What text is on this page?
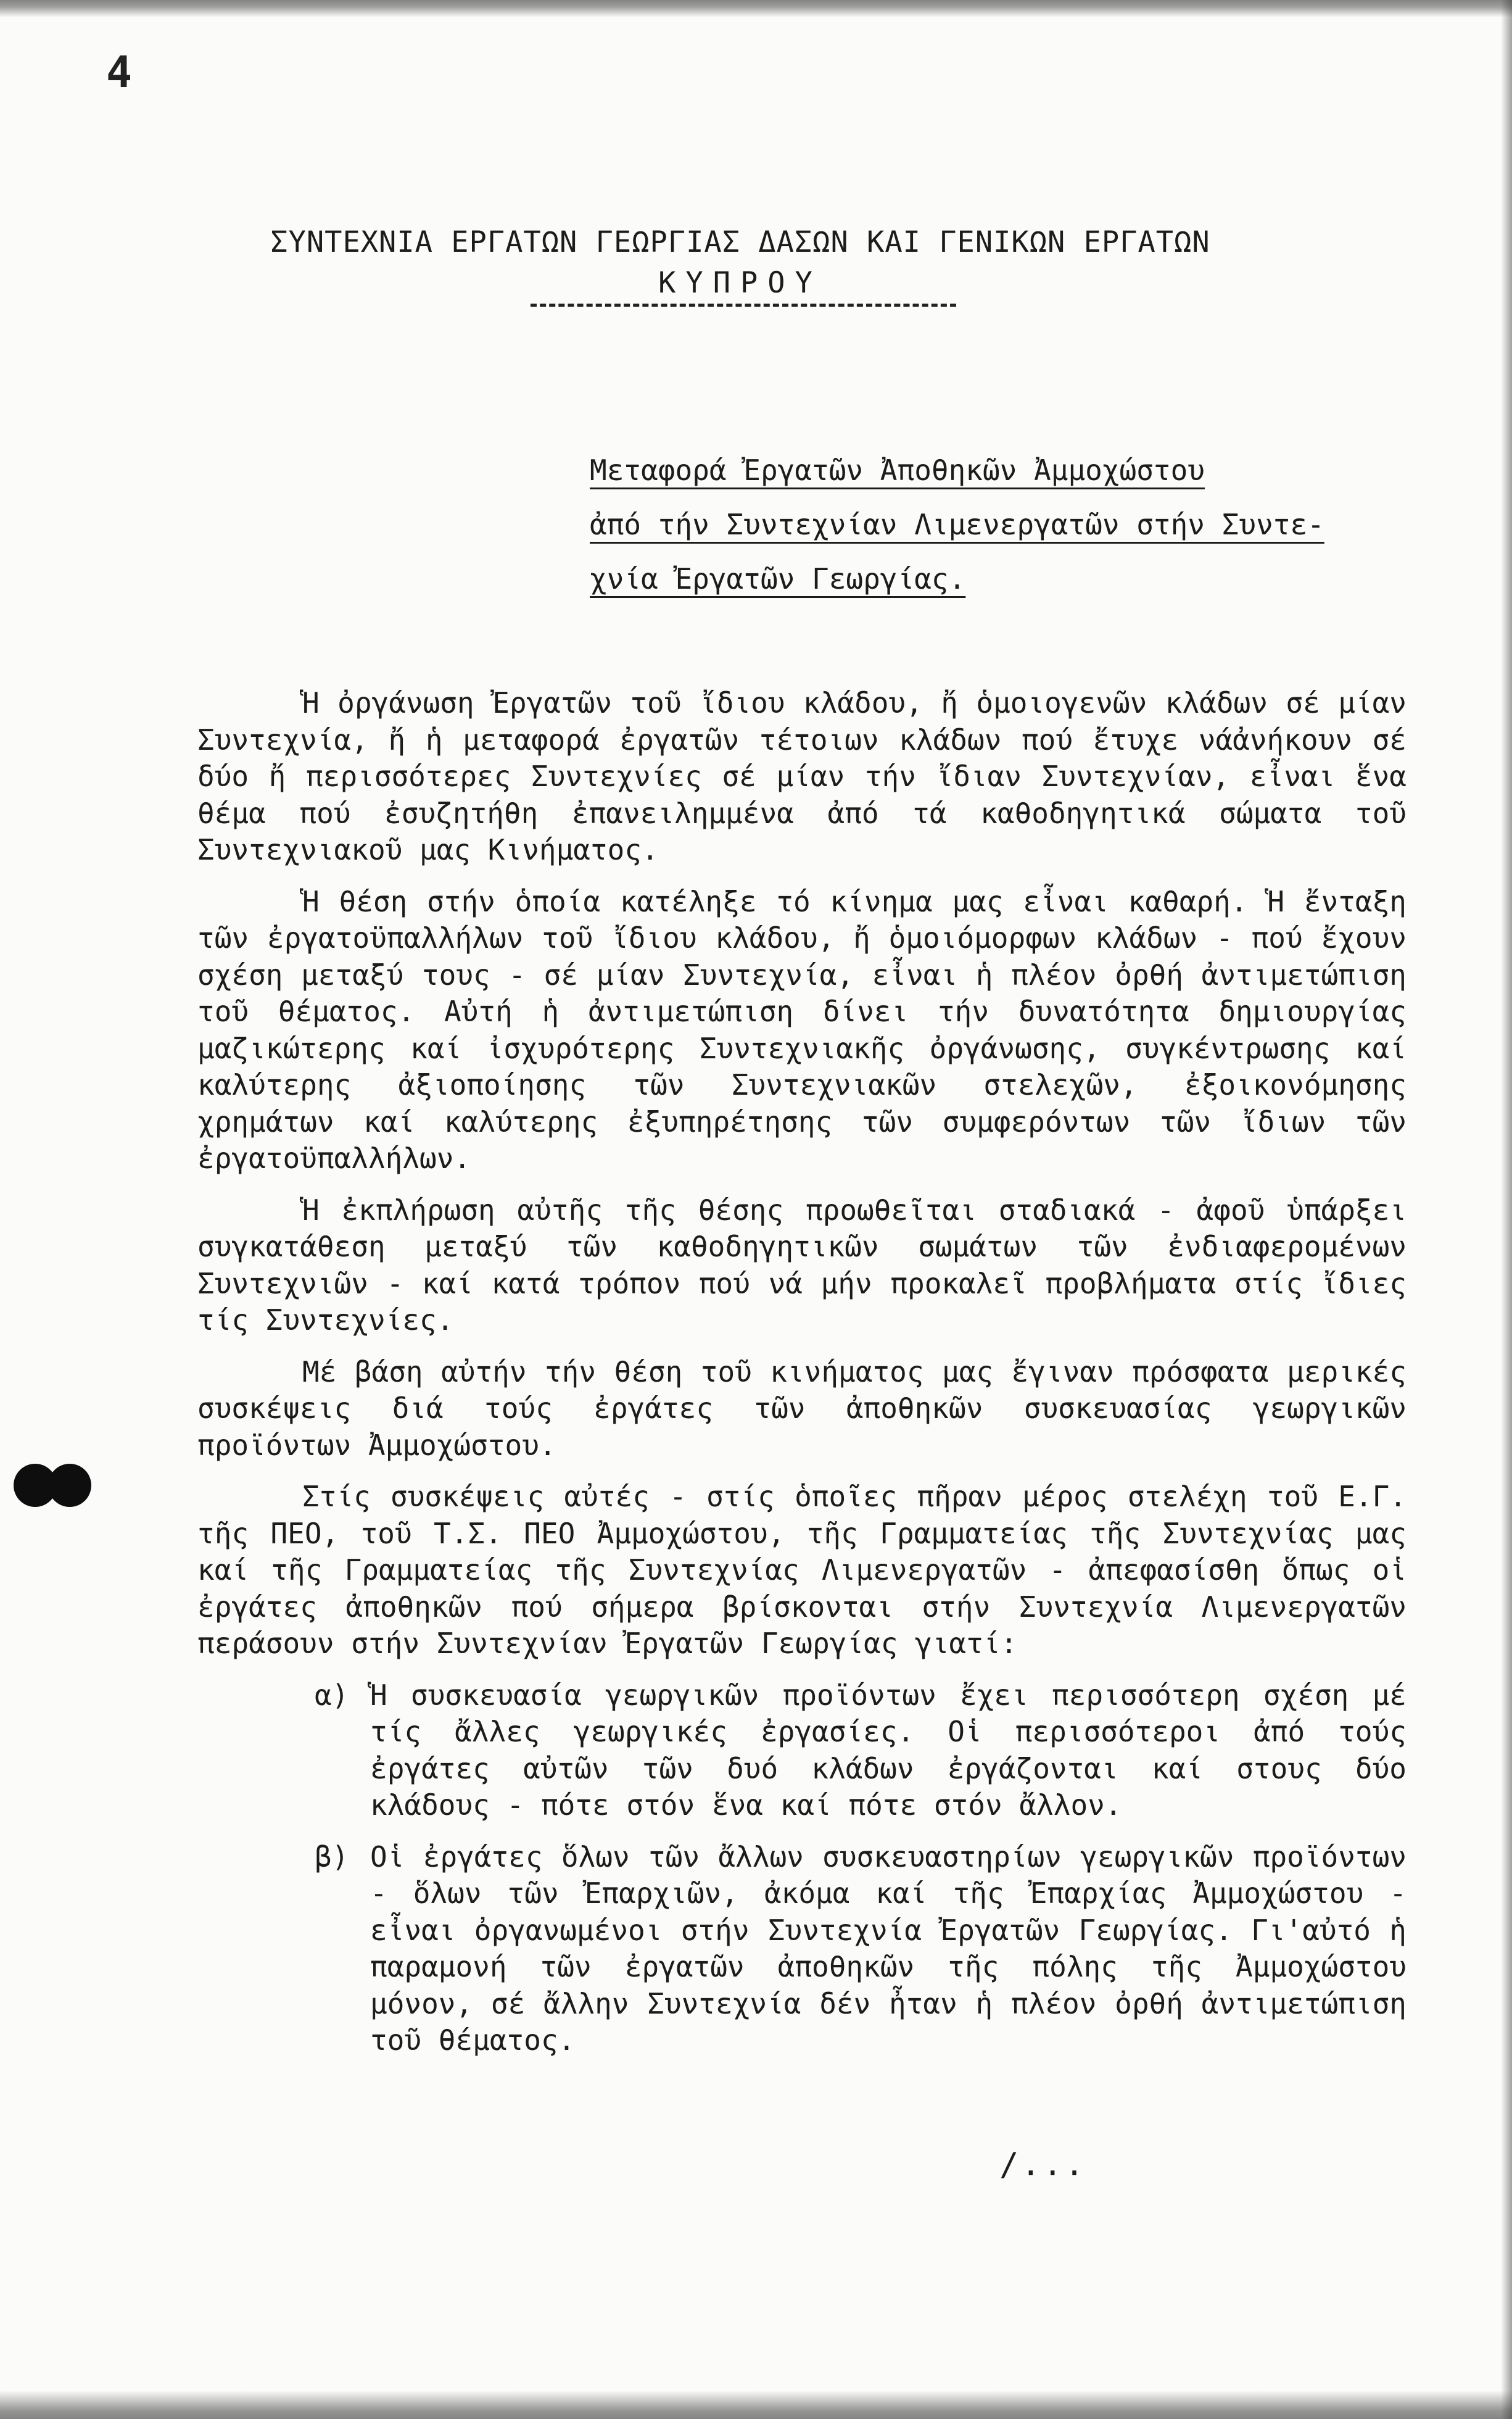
4
ΣΥΝΤΕΧΝΙΑ ΕΡΓΑΤΩΝ ΓΕΩΡΓΙΑΣ ΔΑΣΩΝ ΚΑΙ ΓΕΝΙΚΩΝ ΕΡΓΑΤΩΝ
ΚΥΠΡΟΥ
Μεταφορά Ἐργατῶν Ἀποθηκῶν Ἀμμοχώστου
ἀπό τήν Συντεχνίαν Λιμενεργατῶν στήν Συντε-
χνία Ἐργατῶν Γεωργίας.

Ἡ ὀργάνωση Ἐργατῶν τοῦ ἴδιου κλάδου, ἤ ὁμοιογενῶν κλάδων σέ μίαν Συντεχνία, ἤ ἡ μεταφορά ἐργατῶν τέτοιων κλάδων πού ἔτυχε νάἀνήκουν σέ δύο ἤ περισσότερες Συντεχνίες σέ μίαν τήν ἴδιαν Συντεχνίαν, εἶναι ἕνα θέμα πού ἐσυζητήθη ἐπανειλημμένα ἀπό τά καθοδηγητικά σώματα τοῦ Συντεχνιακοῦ μας Κινήματος.

Ἡ θέση στήν ὁποία κατέληξε τό κίνημα μας εἶναι καθαρή. Ἡ ἔνταξη τῶν ἐργατοϋπαλλήλων τοῦ ἴδιου κλάδου, ἤ ὁμοιόμορφων κλάδων - πού ἔχουν σχέση μεταξύ τους - σέ μίαν Συντεχνία, εἶναι ἡ πλέον ὀρθή ἀντιμετώπιση τοῦ θέματος. Αὐτή ἡ ἀντιμετώπιση δίνει τήν δυνατότητα δημιουργίας μαζικώτερης καί ἰσχυρότερης Συντεχνιακῆς ὀργάνωσης, συγκέντρωσης καί καλύτερης ἀξιοποίησης τῶν Συντεχνιακῶν στελεχῶν, ἐξοικονόμησης χρημάτων καί καλύτερης ἐξυπηρέτησης τῶν συμφερόντων τῶν ἴδιων τῶν ἐργατοϋπαλλήλων.

Ἡ ἐκπλήρωση αὐτῆς τῆς θέσης προωθεῖται σταδιακά - ἀφοῦ ὑπάρξει συγκατάθεση μεταξύ τῶν καθοδηγητικῶν σωμάτων τῶν ἐνδιαφερομένων Συντεχνιῶν - καί κατά τρόπον πού νά μήν προκαλεῖ προβλήματα στίς ἴδιες τίς Συντεχνίες.

Μέ βάση αὐτήν τήν θέση τοῦ κινήματος μας ἔγιναν πρόσφατα μερικές συσκέψεις διά τούς ἐργάτες τῶν ἀποθηκῶν συσκευασίας γεωργικῶν προϊόντων Ἀμμοχώστου.

Στίς συσκέψεις αὐτές - στίς ὁποῖες πῆραν μέρος στελέχη τοῦ Ε.Γ. τῆς ΠΕΟ, τοῦ Τ.Σ. ΠΕΟ Ἀμμοχώστου, τῆς Γραμματείας τῆς Συντεχνίας μας καί τῆς Γραμματείας τῆς Συντεχνίας Λιμενεργατῶν - ἀπεφασίσθη ὅπως οἱ ἐργάτες ἀποθηκῶν πού σήμερα βρίσκονται στήν Συντεχνία Λιμενεργατῶν περάσουν στήν Συντεχνίαν Ἐργατῶν Γεωργίας γιατί:

α) Ἡ συσκευασία γεωργικῶν προϊόντων ἔχει περισσότερη σχέση μέ τίς ἄλλες γεωργικές ἐργασίες. Οἱ περισσότεροι ἀπό τούς ἐργάτες αὐτῶν τῶν δυό κλάδων ἐργάζονται καί στους δύο κλάδους - πότε στόν ἕνα καί πότε στόν ἄλλον.
β) Οἱ ἐργάτες ὅλων τῶν ἄλλων συσκευαστηρίων γεωργικῶν προϊόντων - ὅλων τῶν Ἐπαρχιῶν, ἀκόμα καί τῆς Ἐπαρχίας Ἀμμοχώστου - εἶναι ὀργανωμένοι στήν Συντεχνία Ἐργατῶν Γεωργίας. Γι'αὐτό ἡ παραμονή τῶν ἐργατῶν ἀποθηκῶν τῆς πόλης τῆς Ἀμμοχώστου μόνον, σέ ἄλλην Συντεχνία δέν ἦταν ἡ πλέον ὀρθή ἀντιμετώπιση τοῦ θέματος.
/...
